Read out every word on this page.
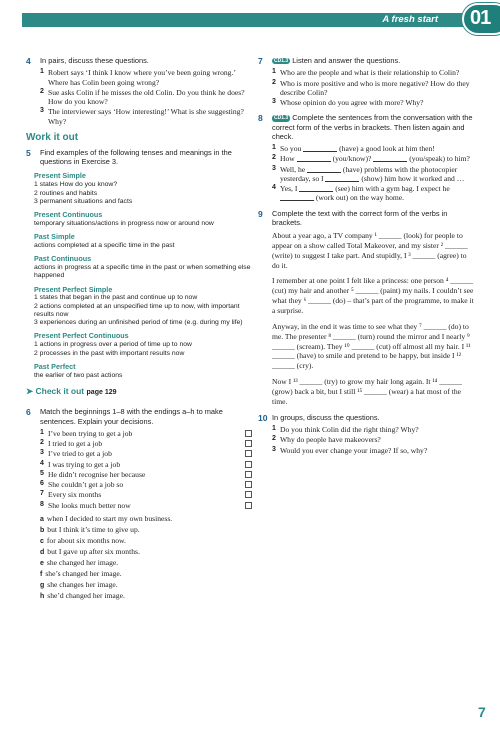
A fresh start 01
4 In pairs, discuss these questions.
1 Robert says ‘I think I know where you’ve been going wrong.’ Where has Colin been going wrong?
2 Sue asks Colin if he misses the old Colin. Do you think he does? How do you know?
3 The interviewer says ‘How interesting!’ What is she suggesting? Why?
Work it out
5 Find examples of the following tenses and meanings in the questions in Exercise 3.
Present Simple
1 states How do you know?
2 routines and habits
3 permanent situations and facts
Present Continuous
temporary situations/actions in progress now or around now
Past Simple
actions completed at a specific time in the past
Past Continuous
actions in progress at a specific time in the past or when something else happened
Present Perfect Simple
1 states that began in the past and continue up to now
2 actions completed at an unspecified time up to now, with important results now
3 experiences during an unfinished period of time (e.g. during my life)
Present Perfect Continuous
1 actions in progress over a period of time up to now
2 processes in the past with important results now
Past Perfect
the earlier of two past actions
➤ Check it out page 129
6 Match the beginnings 1–8 with the endings a–h to make sentences. Explain your decisions.
1 I’ve been trying to get a job
2 I tried to get a job
3 I’ve tried to get a job
4 I was trying to get a job
5 He didn’t recognise her because
6 She couldn’t get a job so
7 Every six months
8 She looks much better now
a when I decided to start my own business.
b but I think it’s time to give up.
c for about six months now.
d but I gave up after six months.
e she changed her image.
f she’s changed her image.
g she changes her image.
h she’d changed her image.
7	CD1.3 Listen and answer the questions.
1 Who are the people and what is their relationship to Colin?
2 Who is more positive and who is more negative? How do they describe Colin?
3 Whose opinion do you agree with more? Why?
8	CD1.3 Complete the sentences from the conversation with the correct form of the verbs in brackets. Then listen again and check.
1 So you	(have) a good look at him then!
2 How	(you/know)?	(you/speak) to him?
3 Well, he	(have) problems with the photocopier yesterday, so I	(show) him how it worked and …
4 Yes, I	(see) him with a gym bag. I expect he  (work out) on the way home.
9 Complete the text with the correct form of the verbs in brackets.

About a year ago, a TV company ¹ ______ (look) for people to appear on a show called Total Makeover, and my sister ² ______ (write) to suggest I take part. And stupidly, I ³ ______ (agree) to do it.

I remember at one point I felt like a princess: one person ⁴ ______ (cut) my hair and another ⁵ ______ (paint) my nails. I couldn’t see what they ⁶ ______ (do) – that’s part of the programme, to make it a surprise.

Anyway, in the end it was time to see what they ⁷ ______ (do) to me. The presenter ⁸ ______ (turn) round the mirror and I nearly ⁹ ______ (scream). They ¹⁰ ______ (cut) off almost all my hair. I ¹¹ ______ (have) to smile and pretend to be happy, but inside I ¹² ______ (cry).

Now I ¹³ ______ (try) to grow my hair long again. It ¹⁴ ______ (grow) back a bit, but I still ¹⁵ ______ (wear) a hat most of the time.

10 In groups, discuss the questions.
1 Do you think Colin did the right thing? Why?
2 Why do people have makeovers?
3 Would you ever change your image? If so, why?
7
